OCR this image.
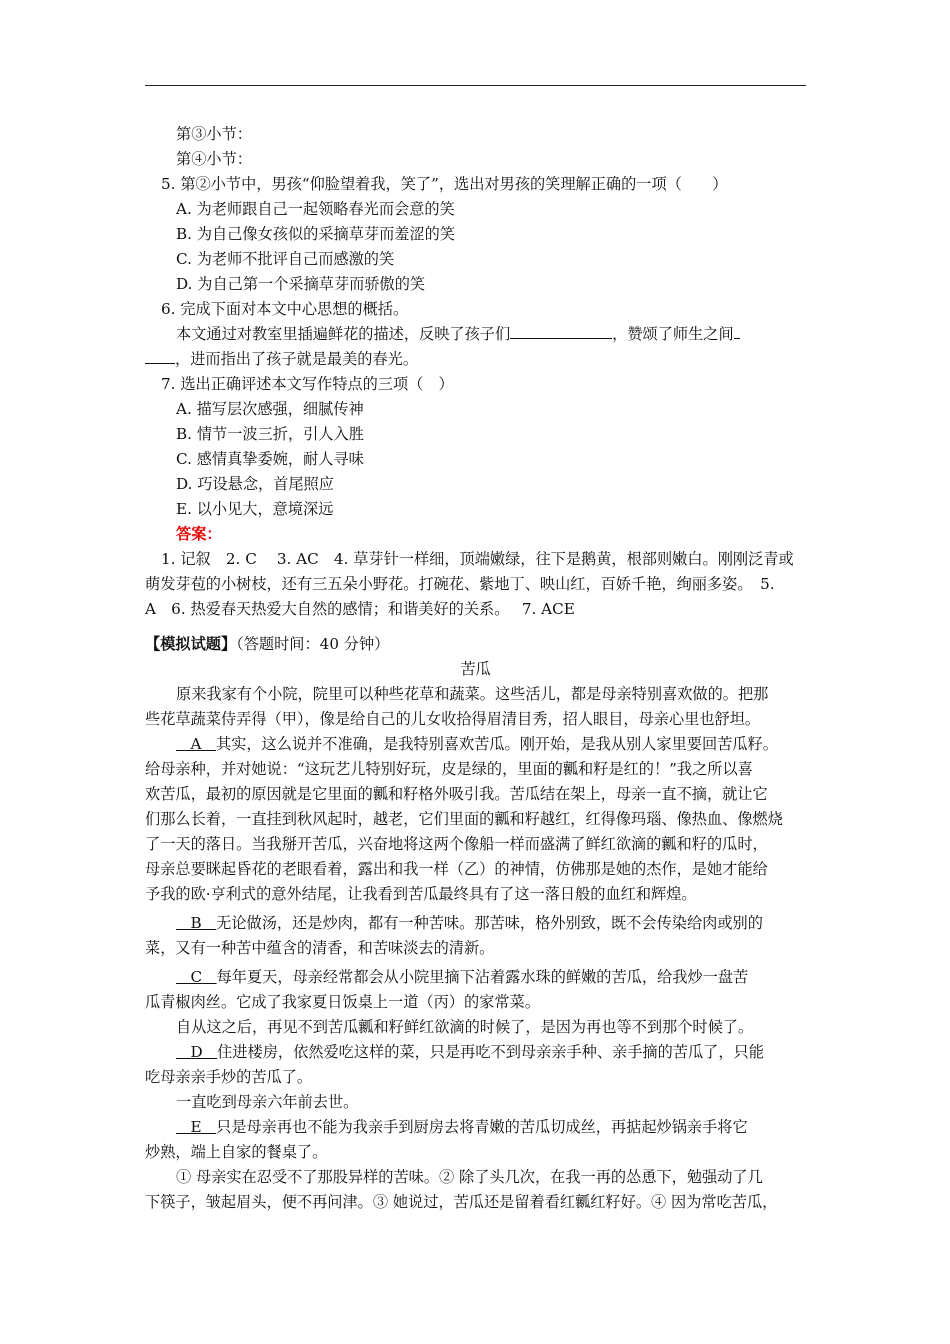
第③小节：
第④小节：
5. 第②小节中，男孩“仰脸望着我，笑了”，选出对男孩的笑理解正确的一项（　　）
A. 为老师跟自己一起领略春光而会意的笑
B. 为自己像女孩似的采摘草芽而羞涩的笑
C. 为老师不批评自己而感激的笑
D. 为自己第一个采摘草芽而骄傲的笑
6. 完成下面对本文中心思想的概括。
本文通过对教室里插遍鲜花的描述，反映了孩子们	，赞颂了师生之间
，进而指出了孩子就是最美的春光。
7. 选出正确评述本文写作特点的三项（　）
A. 描写层次感强，细腻传神
B. 情节一波三折，引人入胜
C. 感情真挚委婉，耐人寻味
D. 巧设悬念，首尾照应
E. 以小见大，意境深远
答案：
1. 记叙　2. C　 3. AC　4. 草芽针一样细，顶端嫩绿，往下是鹅黄，根部则嫩白。刚刚泛青或
萌发芽苞的小树枝，还有三五朵小野花。打碗花、紫地丁、映山红，百娇千艳，绚丽多姿。　5.
A　6. 热爱春天热爱大自然的感情；和谐美好的关系。　 7. ACE
【模拟试题】（答题时间：40 分钟）
苦瓜
原来我家有个小院，院里可以种些花草和蔬菜。这些活儿，都是母亲特别喜欢做的。把那
些花草蔬菜侍弄得（甲），像是给自己的儿女收拾得眉清目秀，招人眼目，母亲心里也舒坦。
A 其实，这么说并不准确，是我特别喜欢苦瓜。刚开始，是我从别人家里要回苦瓜籽。
给母亲种，并对她说：“这玩艺儿特别好玩，皮是绿的，里面的瓤和籽是红的！”我之所以喜
欢苦瓜，最初的原因就是它里面的瓤和籽格外吸引我。苦瓜结在架上，母亲一直不摘，就让它
们那么长着，一直挂到秋风起时，越老，它们里面的瓤和籽越红，红得像玛瑙、像热血、像燃烧
了一天的落日。当我掰开苦瓜，兴奋地将这两个像船一样而盛满了鲜红欲滴的瓤和籽的瓜时，
母亲总要眯起昏花的老眼看着，露出和我一样（乙）的神情，仿佛那是她的杰作，是她才能给
予我的欧·亨利式的意外结尾，让我看到苦瓜最终具有了这一落日般的血红和辉煌。
B 无论做汤，还是炒肉，都有一种苦味。那苦味，格外别致，既不会传染给肉或别的
菜，又有一种苦中蕴含的清香，和苦味淡去的清新。
C 每年夏天，母亲经常都会从小院里摘下沾着露水珠的鲜嫩的苦瓜，给我炒一盘苦
瓜青椒肉丝。它成了我家夏日饭桌上一道（丙）的家常菜。
自从这之后，再见不到苦瓜瓤和籽鲜红欲滴的时候了，是因为再也等不到那个时候了。
D 住进楼房，依然爱吃这样的菜，只是再吃不到母亲亲手种、亲手摘的苦瓜了，只能
吃母亲亲手炒的苦瓜了。
一直吃到母亲六年前去世。
E 只是母亲再也不能为我亲手到厨房去将青嫩的苦瓜切成丝，再掂起炒锅亲手将它
炒熟，端上自家的餐桌了。
① 母亲实在忍受不了那股异样的苦味。② 除了头几次，在我一再的怂恿下，勉强动了几
下筷子，皱起眉头，便不再问津。③ 她说过，苦瓜还是留着看红瓤红籽好。④ 因为常吃苦瓜，
